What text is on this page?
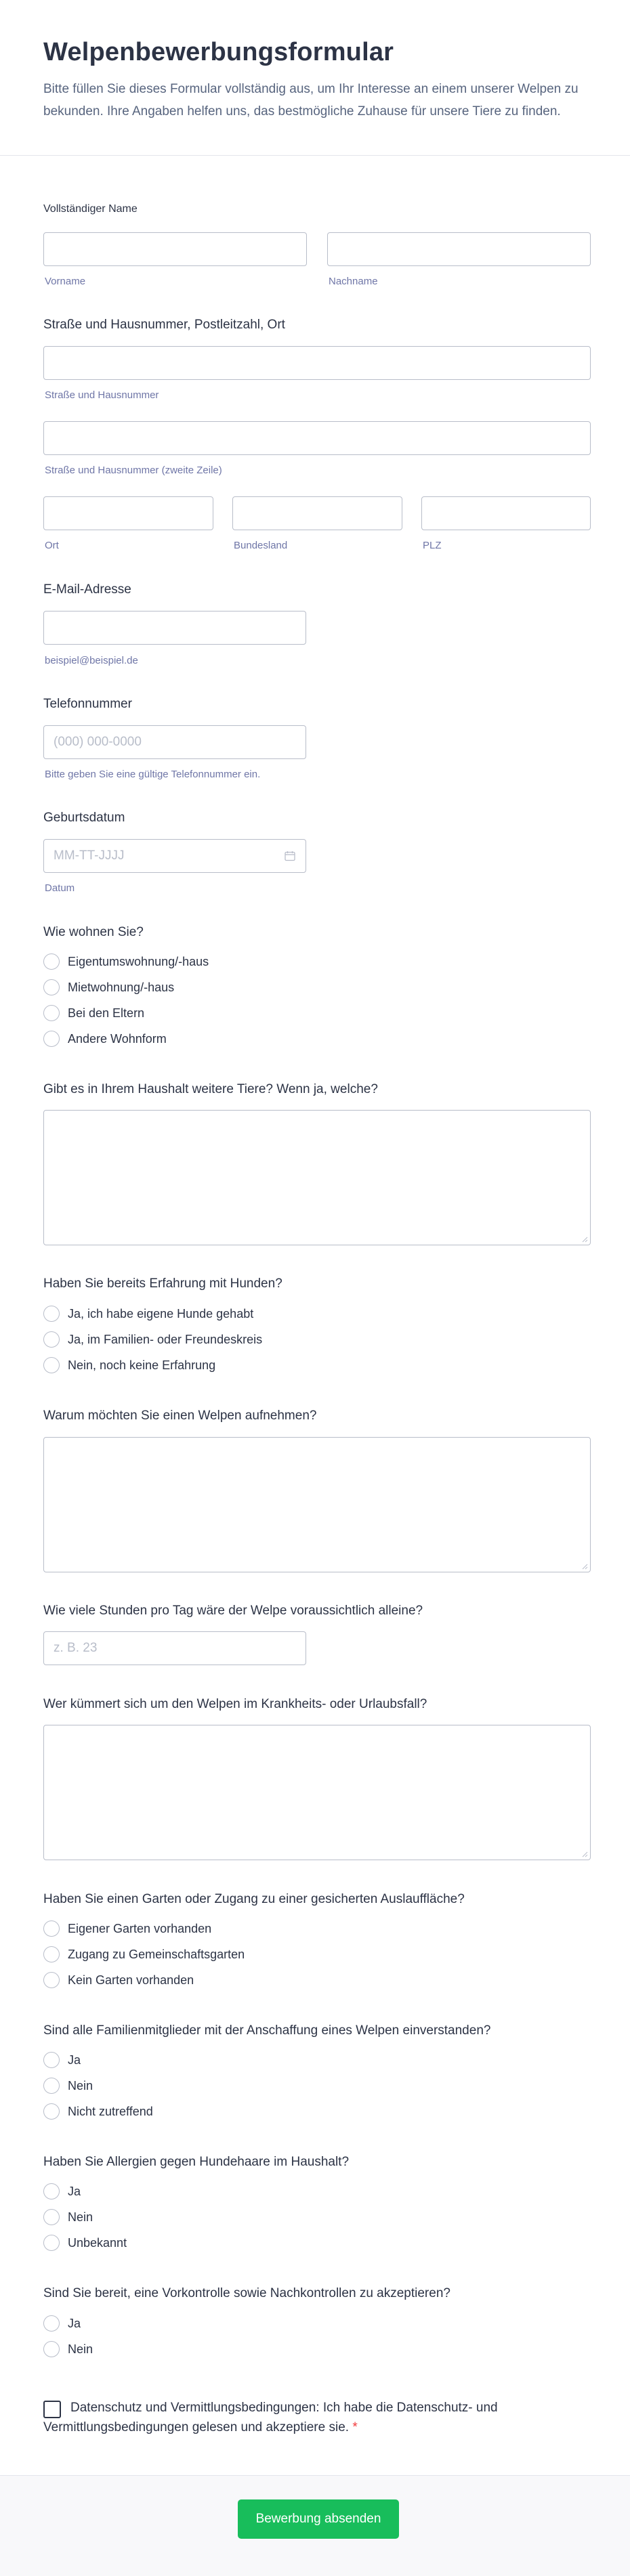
Welpenbewerbungsformular

Bitte füllen Sie dieses Formular vollständig aus, um Ihr Interesse an einem unserer Welpen zu bekunden. Ihre Angaben helfen uns, das bestmögliche Zuhause für unsere Tiere zu finden.

Vollständiger Name
Vorname	Nachname
Straße und Hausnummer, Postleitzahl, Ort
Straße und Hausnummer
Straße und Hausnummer (zweite Zeile)
Ort	Bundesland	PLZ
E-Mail-Adresse
beispiel@beispiel.de
Telefonnummer
(000) 000-0000
Bitte geben Sie eine gültige Telefonnummer ein.
Geburtsdatum
MM-TT-JJJJ
Datum
Wie wohnen Sie?
Eigentumswohnung/-haus
Mietwohnung/-haus
Bei den Eltern
Andere Wohnform
Gibt es in Ihrem Haushalt weitere Tiere? Wenn ja, welche?
Haben Sie bereits Erfahrung mit Hunden?
Ja, ich habe eigene Hunde gehabt
Ja, im Familien- oder Freundeskreis
Nein, noch keine Erfahrung
Warum möchten Sie einen Welpen aufnehmen?
Wie viele Stunden pro Tag wäre der Welpe voraussichtlich alleine?
z. B. 23
Wer kümmert sich um den Welpen im Krankheits- oder Urlaubsfall?
Haben Sie einen Garten oder Zugang zu einer gesicherten Auslauffläche?
Eigener Garten vorhanden
Zugang zu Gemeinschaftsgarten
Kein Garten vorhanden
Sind alle Familienmitglieder mit der Anschaffung eines Welpen einverstanden?
Ja
Nein
Nicht zutreffend
Haben Sie Allergien gegen Hundehaare im Haushalt?
Ja
Nein
Unbekannt
Sind Sie bereit, eine Vorkontrolle sowie Nachkontrollen zu akzeptieren?
Ja
Nein
Datenschutz und Vermittlungsbedingungen: Ich habe die Datenschutz- und Vermittlungsbedingungen gelesen und akzeptiere sie. *
Bewerbung absenden
